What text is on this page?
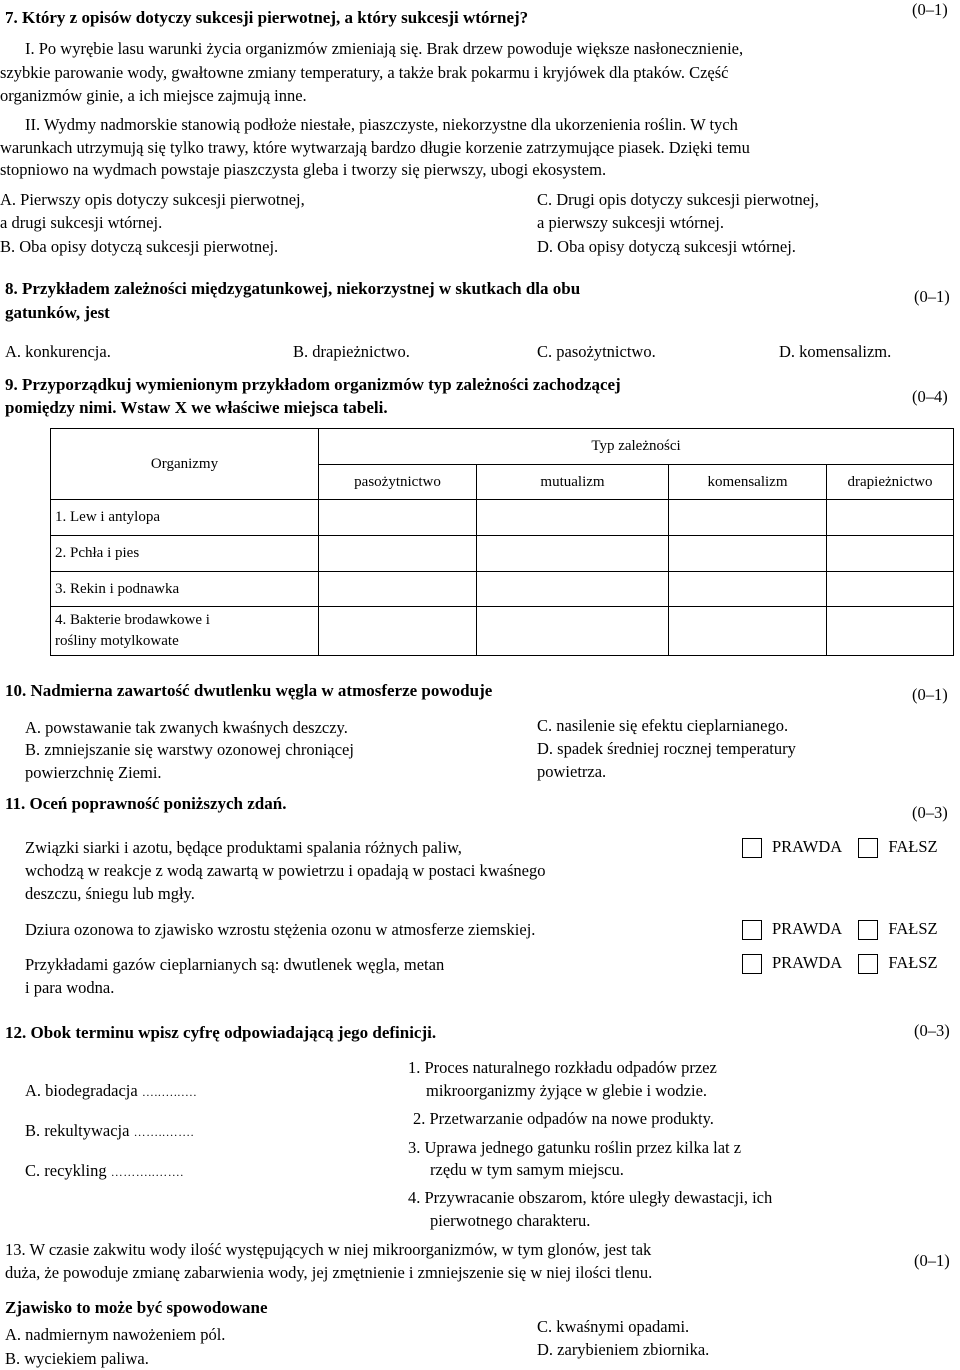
7. Który z opisów dotyczy sukcesji pierwotnej, a który sukcesji wtórnej?	(0–1)
I. Po wyrębie lasu warunki życia organizmów zmieniają się. Brak drzew powoduje większe nasłonecznienie,
szybkie parowanie wody, gwałtowne zmiany temperatury, a także brak pokarmu i kryjówek dla ptaków. Część
organizmów ginie, a ich miejsce zajmują inne.
II. Wydmy nadmorskie stanowią podłoże niestałe, piaszczyste, niekorzystne dla ukorzenienia roślin. W tych
warunkach utrzymują się tylko trawy, które wytwarzają bardzo długie korzenie zatrzymujące piasek. Dzięki temu
stopniowo na wydmach powstaje piaszczysta gleba i tworzy się pierwszy, ubogi ekosystem.
A. Pierwszy opis dotyczy sukcesji pierwotnej,
a drugi sukcesji wtórnej.
B. Oba opisy dotyczą sukcesji pierwotnej.
C. Drugi opis dotyczy sukcesji pierwotnej,
a pierwszy sukcesji wtórnej.
D. Oba opisy dotyczą sukcesji wtórnej.
8. Przykładem zależności międzygatunkowej, niekorzystnej w skutkach dla obu
gatunków, jest
(0–1)
A. konkurencja.	B. drapieżnictwo.	C. pasożytnictwo.	D. komensalizm.
9. Przyporządkuj wymienionym przykładom organizmów typ zależności zachodzącej
pomiędzy nimi. Wstaw X we właściwe miejsca tabeli.
(0–4)
Organizmy	Typ zależności			
	pasożytnictwo	mutualizm	komensalizm	drapieżnictwo
1. Lew i antylopa				
2. Pchła i pies				
3. Rekin i podnawka				
4. Bakterie brodawkowe i
rośliny motylkowate				
10. Nadmierna zawartość dwutlenku węgla w atmosferze powoduje	(0–1)
A. powstawanie tak zwanych kwaśnych deszczy.
B. zmniejszanie się warstwy ozonowej chroniącej
powierzchnię Ziemi.
C. nasilenie się efektu cieplarnianego.
D. spadek średniej rocznej temperatury
powietrza.
11. Oceń poprawność poniższych zdań.	(0–3)
Związki siarki i azotu, będące produktami spalania różnych paliw,
wchodzą w reakcje z wodą zawartą w powietrzu i opadają w postaci kwaśnego
deszczu, śniegu lub mgły.
PRAWDA	FAŁSZ
Dziura ozonowa to zjawisko wzrostu stężenia ozonu w atmosferze ziemskiej.	PRAWDA	FAŁSZ
Przykładami gazów cieplarnianych są: dwutlenek węgla, metan
i para wodna.
PRAWDA	FAŁSZ
12. Obok terminu wpisz cyfrę odpowiadającą jego definicji.	(0–3)
A. biodegradacja …..…..….
B. rekultywacja ……..…….
C. recykling ………..…….
1. Proces naturalnego rozkładu odpadów przez
mikroorganizmy żyjące w glebie i wodzie.
2. Przetwarzanie odpadów na nowe produkty.
3. Uprawa jednego gatunku roślin przez kilka lat z
rzędu w tym samym miejscu.
4. Przywracanie obszarom, które uległy dewastacji, ich
pierwotnego charakteru.
13. W czasie zakwitu wody ilość występujących w niej mikroorganizmów, w tym glonów, jest tak
duża, że powoduje zmianę zabarwienia wody, jej zmętnienie i zmniejszenie się w niej ilości tlenu.
(0–1)
Zjawisko to może być spowodowane
A. nadmiernym nawożeniem pól.
B. wyciekiem paliwa.
C. kwaśnymi opadami.
D. zarybieniem zbiornika.
